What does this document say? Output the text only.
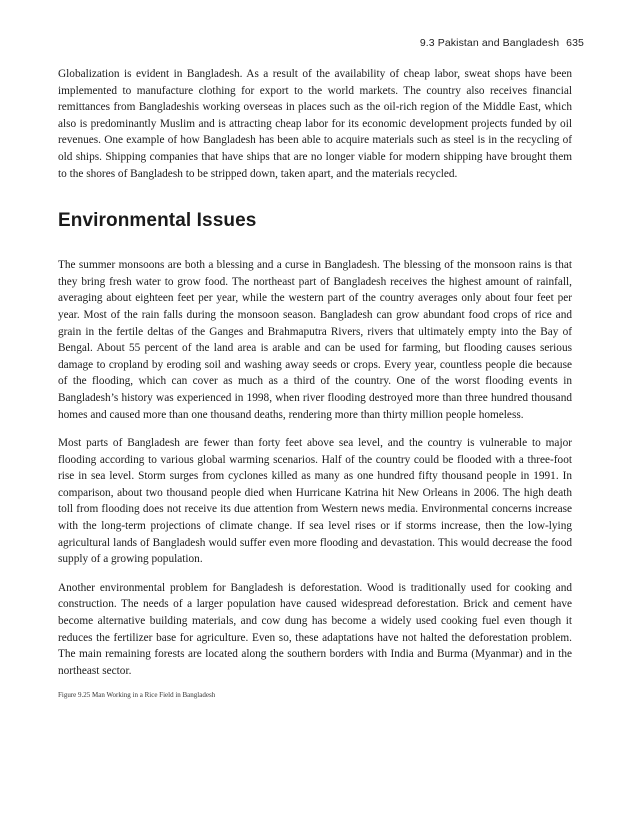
9.3 Pakistan and Bangladesh 635

Globalization is evident in Bangladesh. As a result of the availability of cheap labor, sweat shops have been implemented to manufacture clothing for export to the world markets. The country also receives financial remittances from Bangladeshis working overseas in places such as the oil-rich region of the Middle East, which also is predominantly Muslim and is attracting cheap labor for its economic development projects funded by oil revenues. One example of how Bangladesh has been able to acquire materials such as steel is in the recycling of old ships. Shipping companies that have ships that are no longer viable for modern shipping have brought them to the shores of Bangladesh to be stripped down, taken apart, and the materials recycled.

Environmental Issues

The summer monsoons are both a blessing and a curse in Bangladesh. The blessing of the monsoon rains is that they bring fresh water to grow food. The northeast part of Bangladesh receives the highest amount of rainfall, averaging about eighteen feet per year, while the western part of the country averages only about four feet per year. Most of the rain falls during the monsoon season. Bangladesh can grow abundant food crops of rice and grain in the fertile deltas of the Ganges and Brahmaputra Rivers, rivers that ultimately empty into the Bay of Bengal. About 55 percent of the land area is arable and can be used for farming, but flooding causes serious damage to cropland by eroding soil and washing away seeds or crops. Every year, countless people die because of the flooding, which can cover as much as a third of the country. One of the worst flooding events in Bangladesh’s history was experienced in 1998, when river flooding destroyed more than three hundred thousand homes and caused more than one thousand deaths, rendering more than thirty million people homeless.

Most parts of Bangladesh are fewer than forty feet above sea level, and the country is vulnerable to major flooding according to various global warming scenarios. Half of the country could be flooded with a three-foot rise in sea level. Storm surges from cyclones killed as many as one hundred fifty thousand people in 1991. In comparison, about two thousand people died when Hurricane Katrina hit New Orleans in 2006. The high death toll from flooding does not receive its due attention from Western news media. Environmental concerns increase with the long-term projections of climate change. If sea level rises or if storms increase, then the low-lying agricultural lands of Bangladesh would suffer even more flooding and devastation. This would decrease the food supply of a growing population.

Another environmental problem for Bangladesh is deforestation. Wood is traditionally used for cooking and construction. The needs of a larger population have caused widespread deforestation. Brick and cement have become alternative building materials, and cow dung has become a widely used cooking fuel even though it reduces the fertilizer base for agriculture. Even so, these adaptations have not halted the deforestation problem. The main remaining forests are located along the southern borders with India and Burma (Myanmar) and in the northeast sector.

Figure 9.25 Man Working in a Rice Field in Bangladesh
